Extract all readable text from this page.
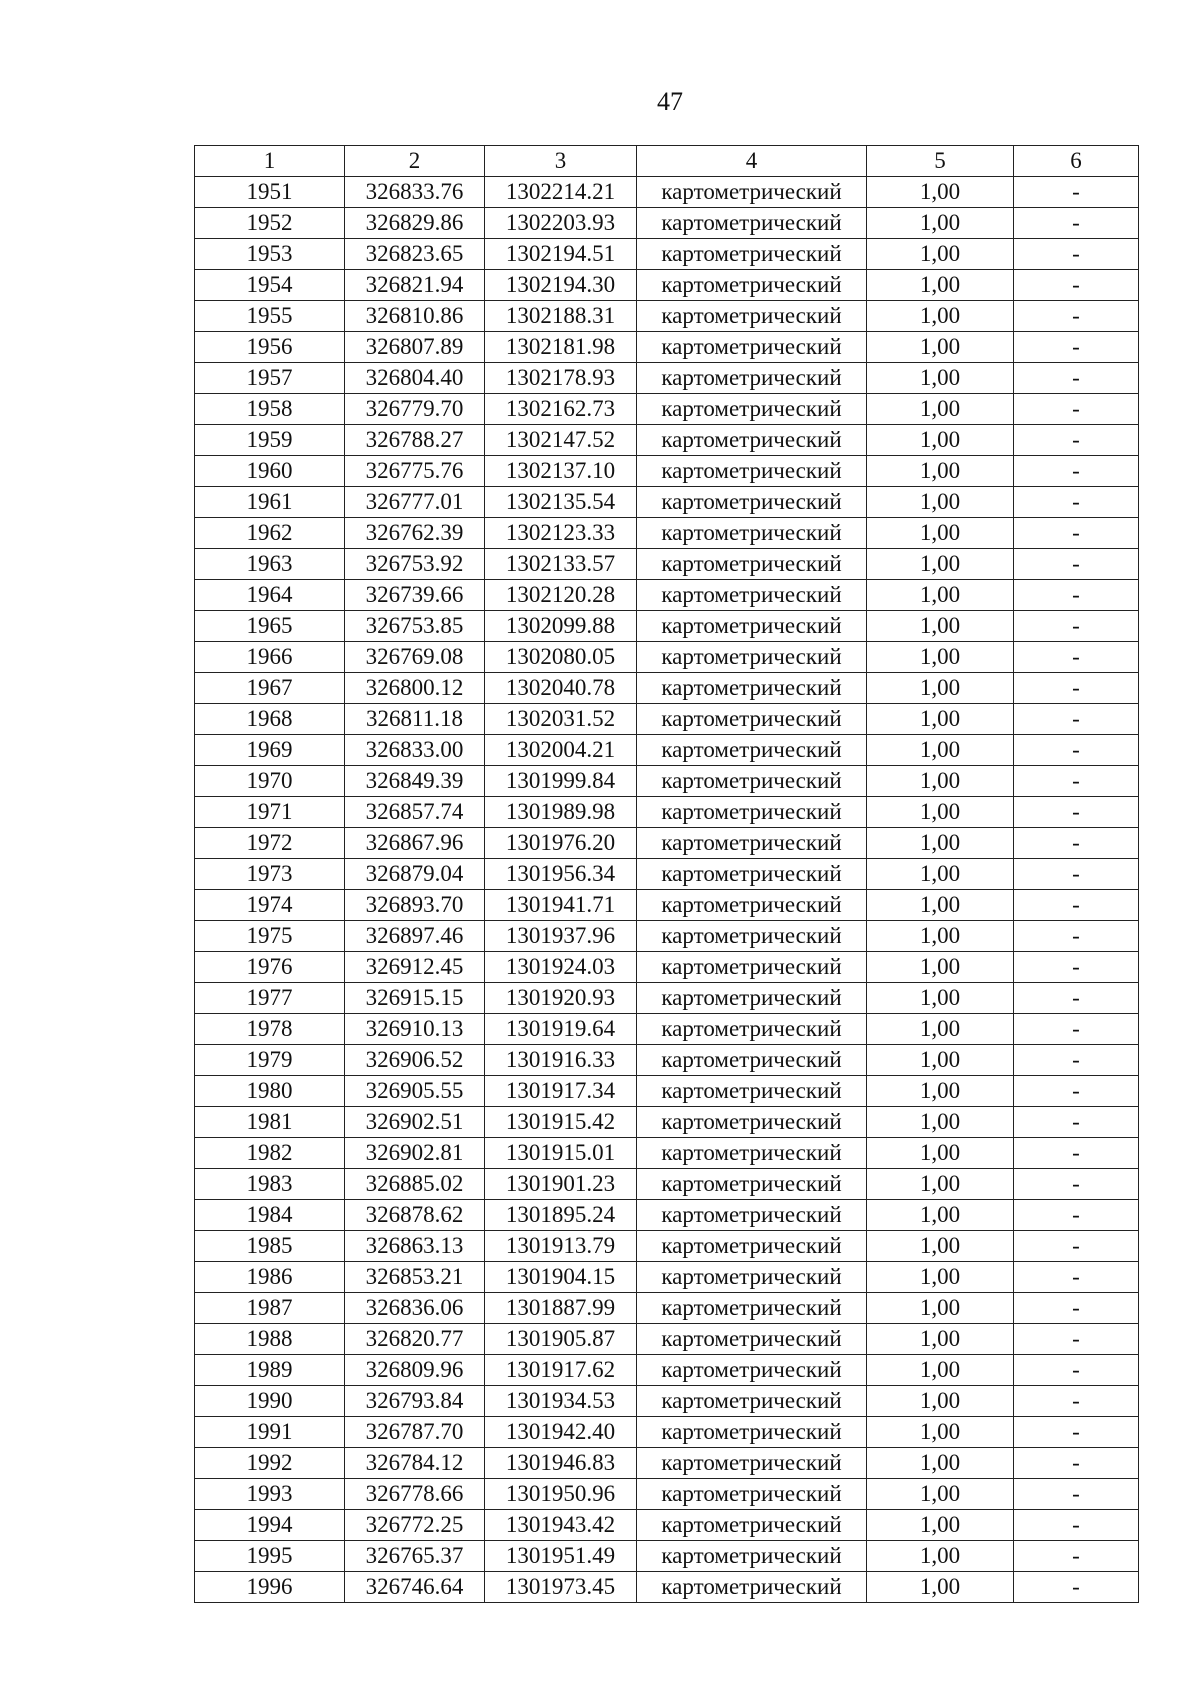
47
1	2	3	4	5	6
1951	326833.76	1302214.21	картометрический	1,00	-
1952	326829.86	1302203.93	картометрический	1,00	-
1953	326823.65	1302194.51	картометрический	1,00	-
1954	326821.94	1302194.30	картометрический	1,00	-
1955	326810.86	1302188.31	картометрический	1,00	-
1956	326807.89	1302181.98	картометрический	1,00	-
1957	326804.40	1302178.93	картометрический	1,00	-
1958	326779.70	1302162.73	картометрический	1,00	-
1959	326788.27	1302147.52	картометрический	1,00	-
1960	326775.76	1302137.10	картометрический	1,00	-
1961	326777.01	1302135.54	картометрический	1,00	-
1962	326762.39	1302123.33	картометрический	1,00	-
1963	326753.92	1302133.57	картометрический	1,00	-
1964	326739.66	1302120.28	картометрический	1,00	-
1965	326753.85	1302099.88	картометрический	1,00	-
1966	326769.08	1302080.05	картометрический	1,00	-
1967	326800.12	1302040.78	картометрический	1,00	-
1968	326811.18	1302031.52	картометрический	1,00	-
1969	326833.00	1302004.21	картометрический	1,00	-
1970	326849.39	1301999.84	картометрический	1,00	-
1971	326857.74	1301989.98	картометрический	1,00	-
1972	326867.96	1301976.20	картометрический	1,00	-
1973	326879.04	1301956.34	картометрический	1,00	-
1974	326893.70	1301941.71	картометрический	1,00	-
1975	326897.46	1301937.96	картометрический	1,00	-
1976	326912.45	1301924.03	картометрический	1,00	-
1977	326915.15	1301920.93	картометрический	1,00	-
1978	326910.13	1301919.64	картометрический	1,00	-
1979	326906.52	1301916.33	картометрический	1,00	-
1980	326905.55	1301917.34	картометрический	1,00	-
1981	326902.51	1301915.42	картометрический	1,00	-
1982	326902.81	1301915.01	картометрический	1,00	-
1983	326885.02	1301901.23	картометрический	1,00	-
1984	326878.62	1301895.24	картометрический	1,00	-
1985	326863.13	1301913.79	картометрический	1,00	-
1986	326853.21	1301904.15	картометрический	1,00	-
1987	326836.06	1301887.99	картометрический	1,00	-
1988	326820.77	1301905.87	картометрический	1,00	-
1989	326809.96	1301917.62	картометрический	1,00	-
1990	326793.84	1301934.53	картометрический	1,00	-
1991	326787.70	1301942.40	картометрический	1,00	-
1992	326784.12	1301946.83	картометрический	1,00	-
1993	326778.66	1301950.96	картометрический	1,00	-
1994	326772.25	1301943.42	картометрический	1,00	-
1995	326765.37	1301951.49	картометрический	1,00	-
1996	326746.64	1301973.45	картометрический	1,00	-
